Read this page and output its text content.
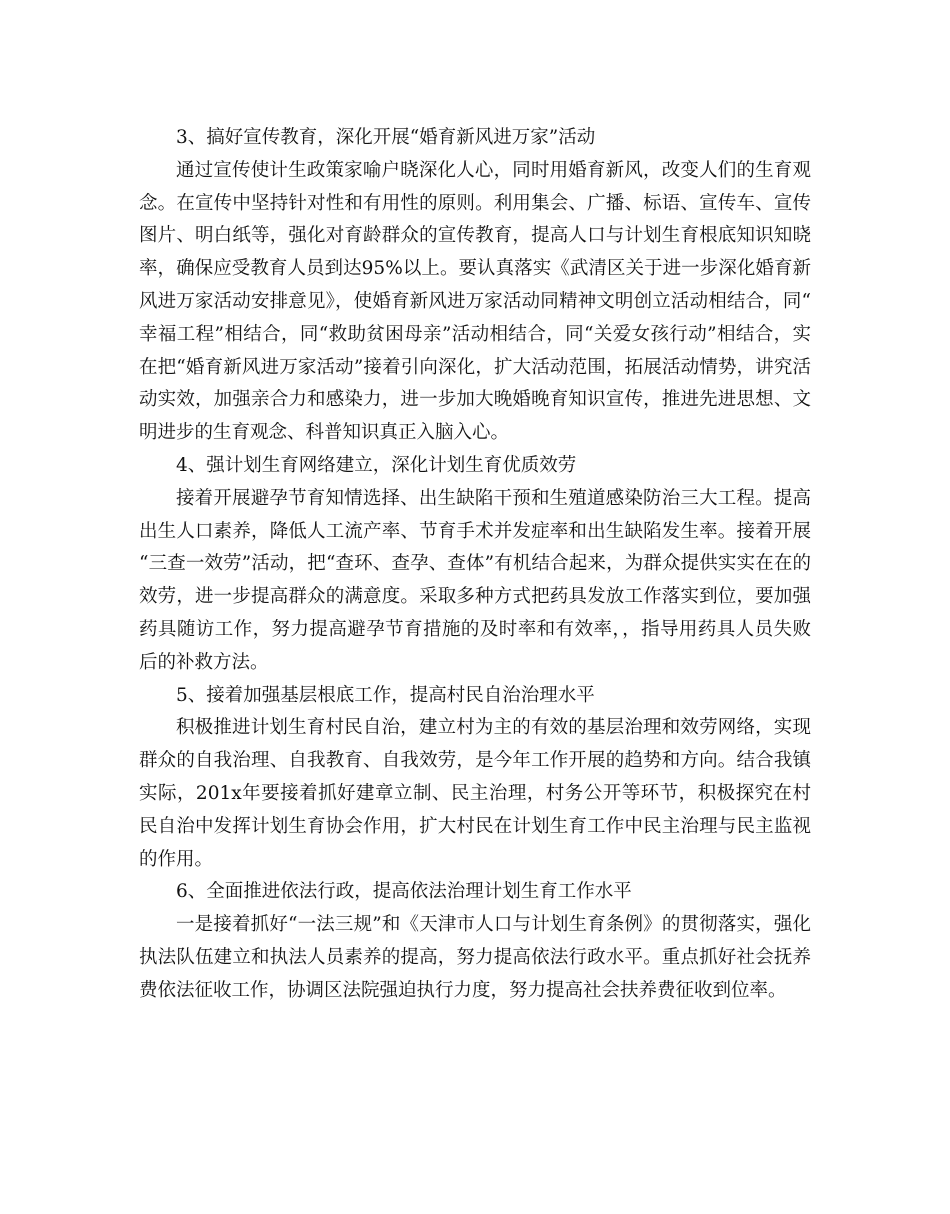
3、搞好宣传教育，深化开展“婚育新风进万家”活动

通过宣传使计生政策家喻户晓深化人心，同时用婚育新风，改变人们的生育观念。在宣传中坚持针对性和有用性的原则。利用集会、广播、标语、宣传车、宣传图片、明白纸等，强化对育龄群众的宣传教育，提高人口与计划生育根底知识知晓率，确保应受教育人员到达95%以上。要认真落实《武清区关于进一步深化婚育新风进万家活动安排意见》，使婚育新风进万家活动同精神文明创立活动相结合，同“幸福工程”相结合，同“救助贫困母亲”活动相结合，同“关爱女孩行动”相结合，实在把“婚育新风进万家活动”接着引向深化，扩大活动范围，拓展活动情势，讲究活动实效，加强亲合力和感染力，进一步加大晚婚晚育知识宣传，推进先进思想、文明进步的生育观念、科普知识真正入脑入心。

4、强计划生育网络建立，深化计划生育优质效劳

接着开展避孕节育知情选择、出生缺陷干预和生殖道感染防治三大工程。提高出生人口素养，降低人工流产率、节育手术并发症率和出生缺陷发生率。接着开展“三查一效劳”活动，把“查环、查孕、查体”有机结合起来，为群众提供实实在在的效劳，进一步提高群众的满意度。采取多种方式把药具发放工作落实到位，要加强药具随访工作，努力提高避孕节育措施的及时率和有效率，，指导用药具人员失败后的补救方法。

5、接着加强基层根底工作，提高村民自治治理水平

积极推进计划生育村民自治，建立村为主的有效的基层治理和效劳网络，实现群众的自我治理、自我教育、自我效劳，是今年工作开展的趋势和方向。结合我镇实际，201x年要接着抓好建章立制、民主治理，村务公开等环节，积极探究在村民自治中发挥计划生育协会作用，扩大村民在计划生育工作中民主治理与民主监视的作用。

6、全面推进依法行政，提高依法治理计划生育工作水平

一是接着抓好“一法三规”和《天津市人口与计划生育条例》的贯彻落实，强化执法队伍建立和执法人员素养的提高，努力提高依法行政水平。重点抓好社会抚养费依法征收工作，协调区法院强迫执行力度，努力提高社会扶养费征收到位率。
